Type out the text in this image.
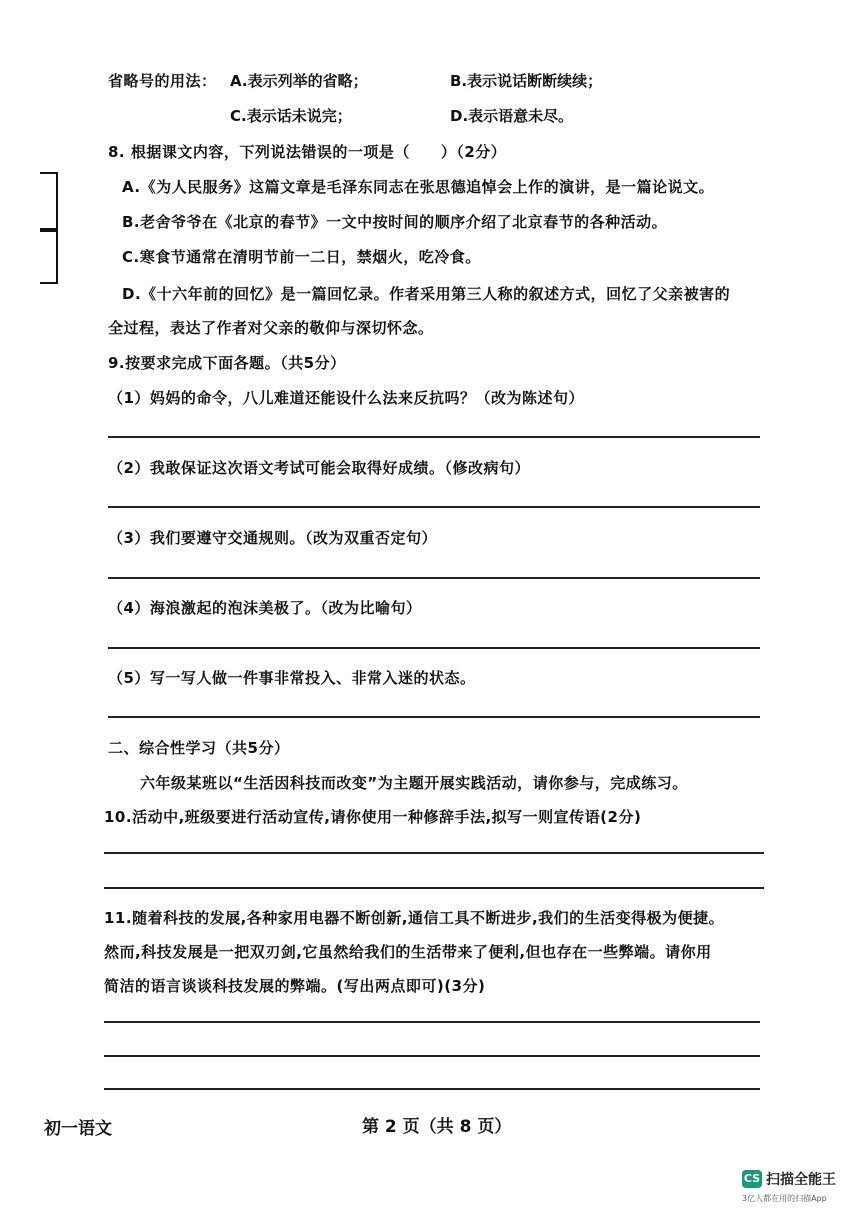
省略号的用法： A.表示列举的省略；	B.表示说话断断续续；
C.表示话未说完；	D.表示语意未尽。
8. 根据课文内容，下列说法错误的一项是（　　）（2分）
A.《为人民服务》这篇文章是毛泽东同志在张思德追悼会上作的演讲，是一篇论说文。
B.老舍爷爷在《北京的春节》一文中按时间的顺序介绍了北京春节的各种活动。
C.寒食节通常在清明节前一二日，禁烟火，吃冷食。
D.《十六年前的回忆》是一篇回忆录。作者采用第三人称的叙述方式，回忆了父亲被害的
全过程，表达了作者对父亲的敬仰与深切怀念。
9.按要求完成下面各题。（共5分）
（1）妈妈的命令，八儿难道还能设什么法来反抗吗？（改为陈述句）
（2）我敢保证这次语文考试可能会取得好成绩。（修改病句）
（3）我们要遵守交通规则。（改为双重否定句）
（4）海浪激起的泡沫美极了。（改为比喻句）
（5）写一写人做一件事非常投入、非常入迷的状态。
二、综合性学习（共5分）
六年级某班以“生活因科技而改变”为主题开展实践活动，请你参与，完成练习。
10.活动中,班级要进行活动宣传,请你使用一种修辞手法,拟写一则宣传语(2分)
11.随着科技的发展,各种家用电器不断创新,通信工具不断进步,我们的生活变得极为便捷。
然而,科技发展是一把双刃剑,它虽然给我们的生活带来了便利,但也存在一些弊端。请你用
简洁的语言谈谈科技发展的弊端。(写出两点即可)(3分)
初一语文	第 2 页（共 8 页）
CS 扫描全能王
3亿人都在用的扫描App
